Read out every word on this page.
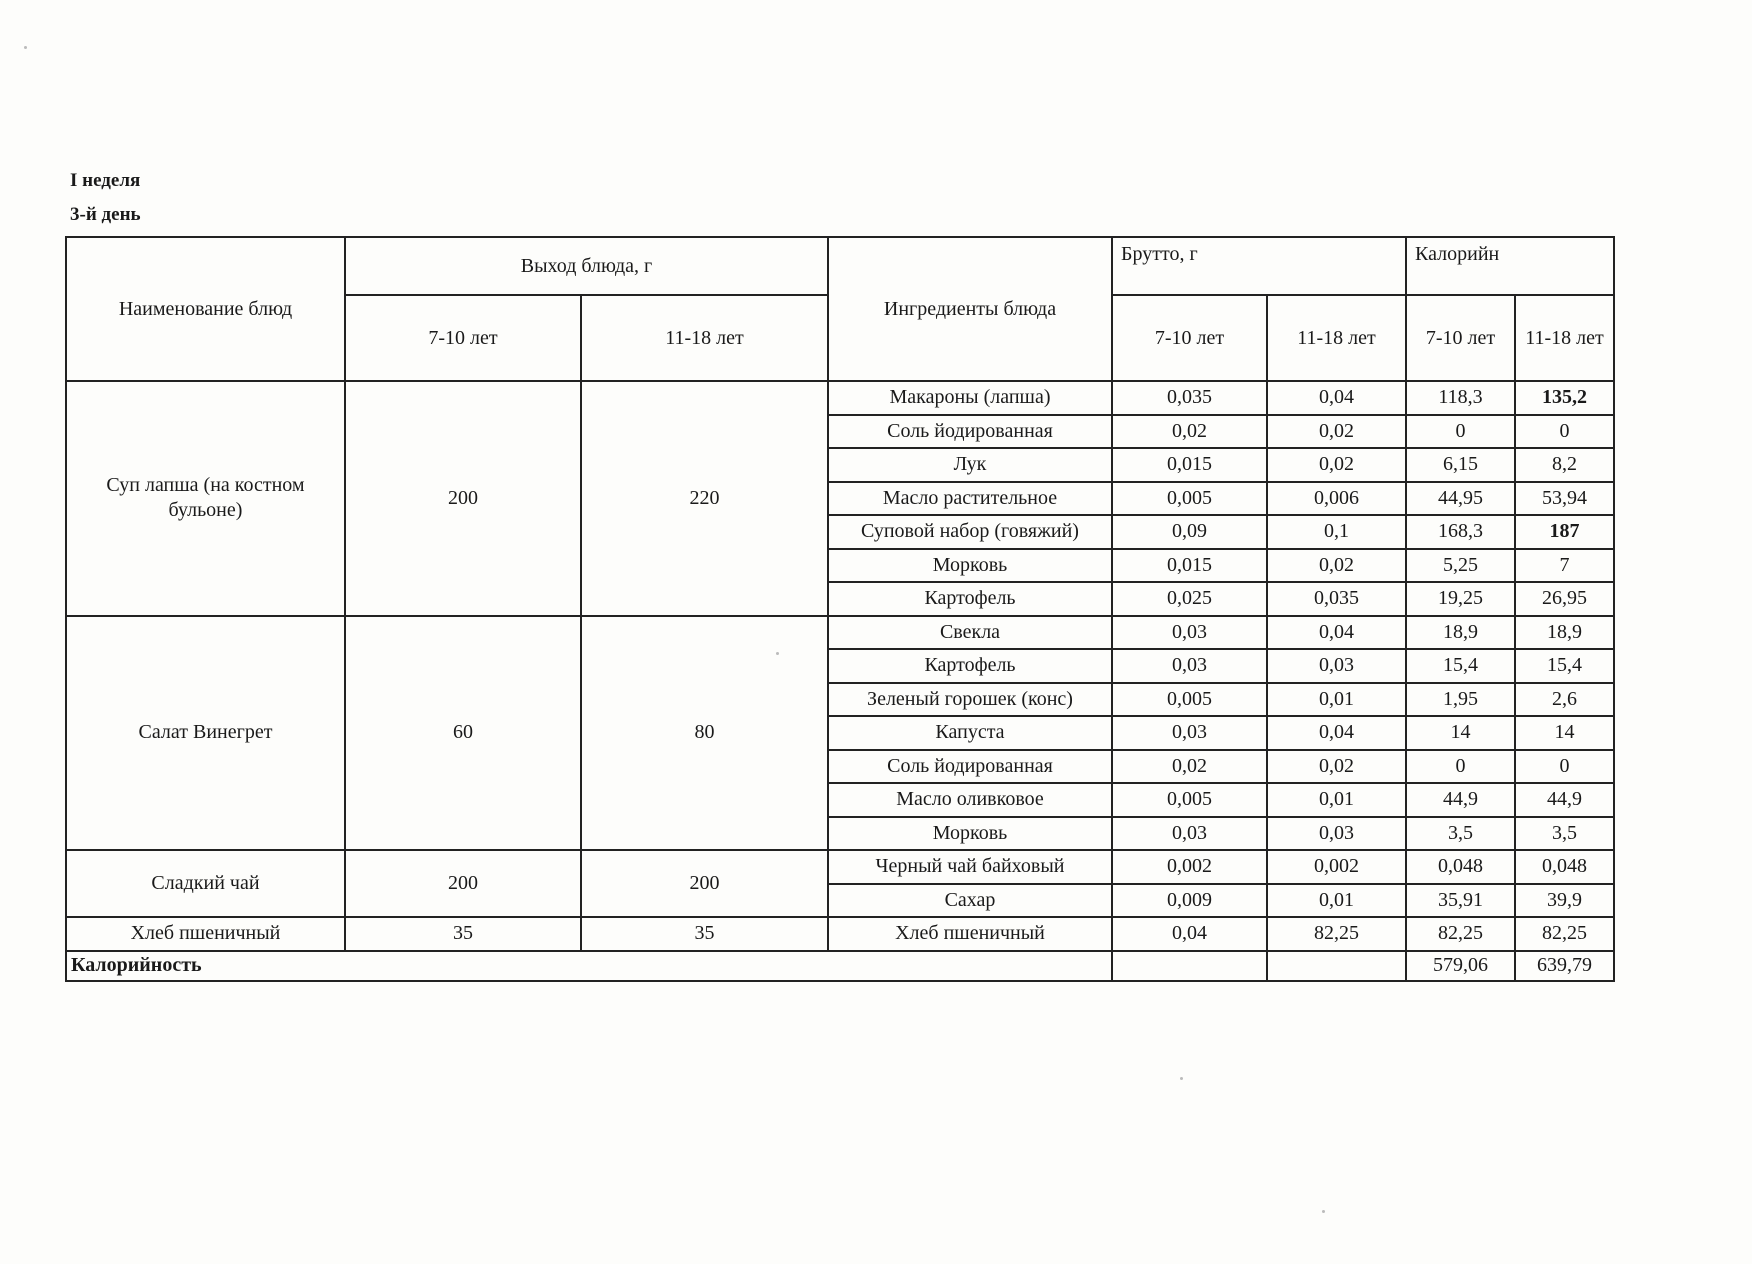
I неделя
3-й день
Наименование блюд	Выход блюда, г		Ингредиенты блюда	Брутто, г		Калорийн	
	7-10 лет	11-18 лет		7-10 лет	11-18 лет	7-10 лет	11-18 лет
Суп лапша (на костном бульоне)	200	220	Макароны (лапша)	0,035	0,04	118,3	135,2
			Соль йодированная	0,02	0,02	0	0
			Лук	0,015	0,02	6,15	8,2
			Масло растительное	0,005	0,006	44,95	53,94
			Суповой набор (говяжий)	0,09	0,1	168,3	187
			Морковь	0,015	0,02	5,25	7
			Картофель	0,025	0,035	19,25	26,95
Салат Винегрет	60	80	Свекла	0,03	0,04	18,9	18,9
			Картофель	0,03	0,03	15,4	15,4
			Зеленый горошек (конс)	0,005	0,01	1,95	2,6
			Капуста	0,03	0,04	14	14
			Соль йодированная	0,02	0,02	0	0
			Масло оливковое	0,005	0,01	44,9	44,9
			Морковь	0,03	0,03	3,5	3,5
Сладкий чай	200	200	Черный чай байховый	0,002	0,002	0,048	0,048
			Сахар	0,009	0,01	35,91	39,9
Хлеб пшеничный	35	35	Хлеб пшеничный	0,04	82,25	82,25	82,25
Калорийность						579,06	639,79
